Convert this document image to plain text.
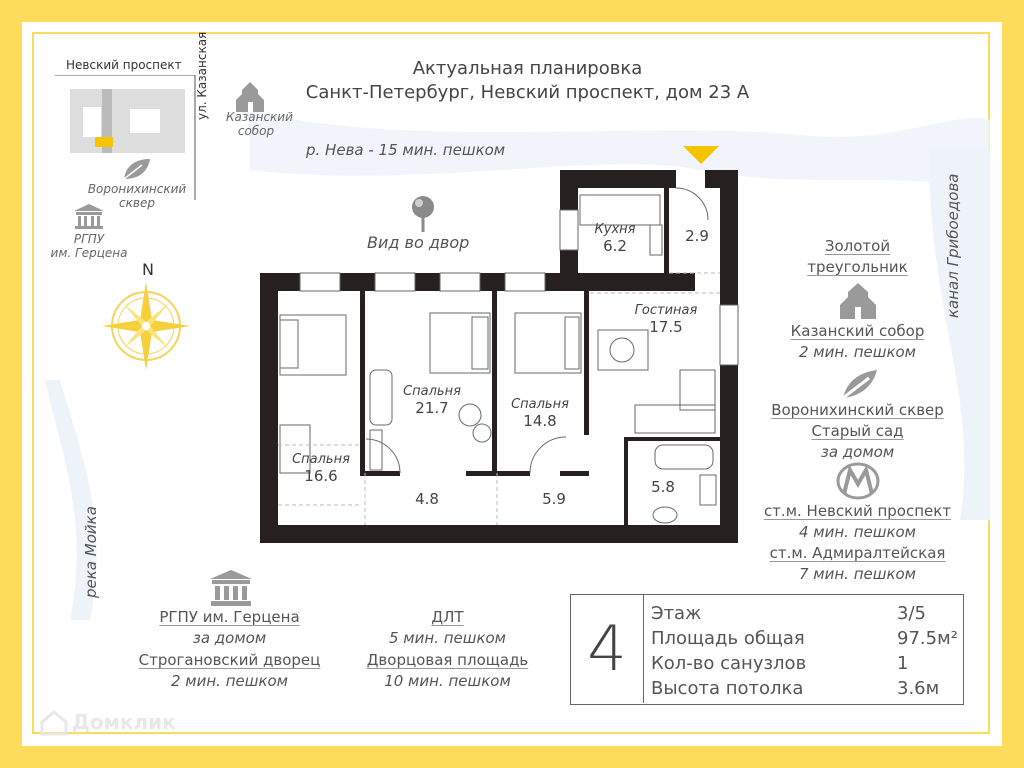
Актуальная планировка
Санкт-Петербург, Невский проспект, дом 23 А
р. Нева - 15 мин. пешком
Невский проспект ул. Казанская Казанский
собор
Воронихинский
сквер
РГПУ
им. Герцена
N
Вид во двор
Кухня
6.2
2.9
Гостиная
17.5
Спальня
21.7	Спальня
14.8
Спальня
16.6
4.8	5.9
5.8
канал Грибоедова
река Мойка
Золотой
треугольник
Казанский собор
2 мин. пешком
Воронихинский сквер
Старый сад
за домом
ст.м. Невский проспект
4 мин. пешком
ст.м. Адмиралтейская
7 мин. пешком
РГПУ им. Герцена
за домом
Строгановский дворец
2 мин. пешком
ДЛТ
5 мин. пешком
Дворцовая площадь
10 мин. пешком	4	Этаж	3/5
Площадь общая	97.5м²
Кол-во санузлов	1
Высота потолка	3.6м
Домклик
